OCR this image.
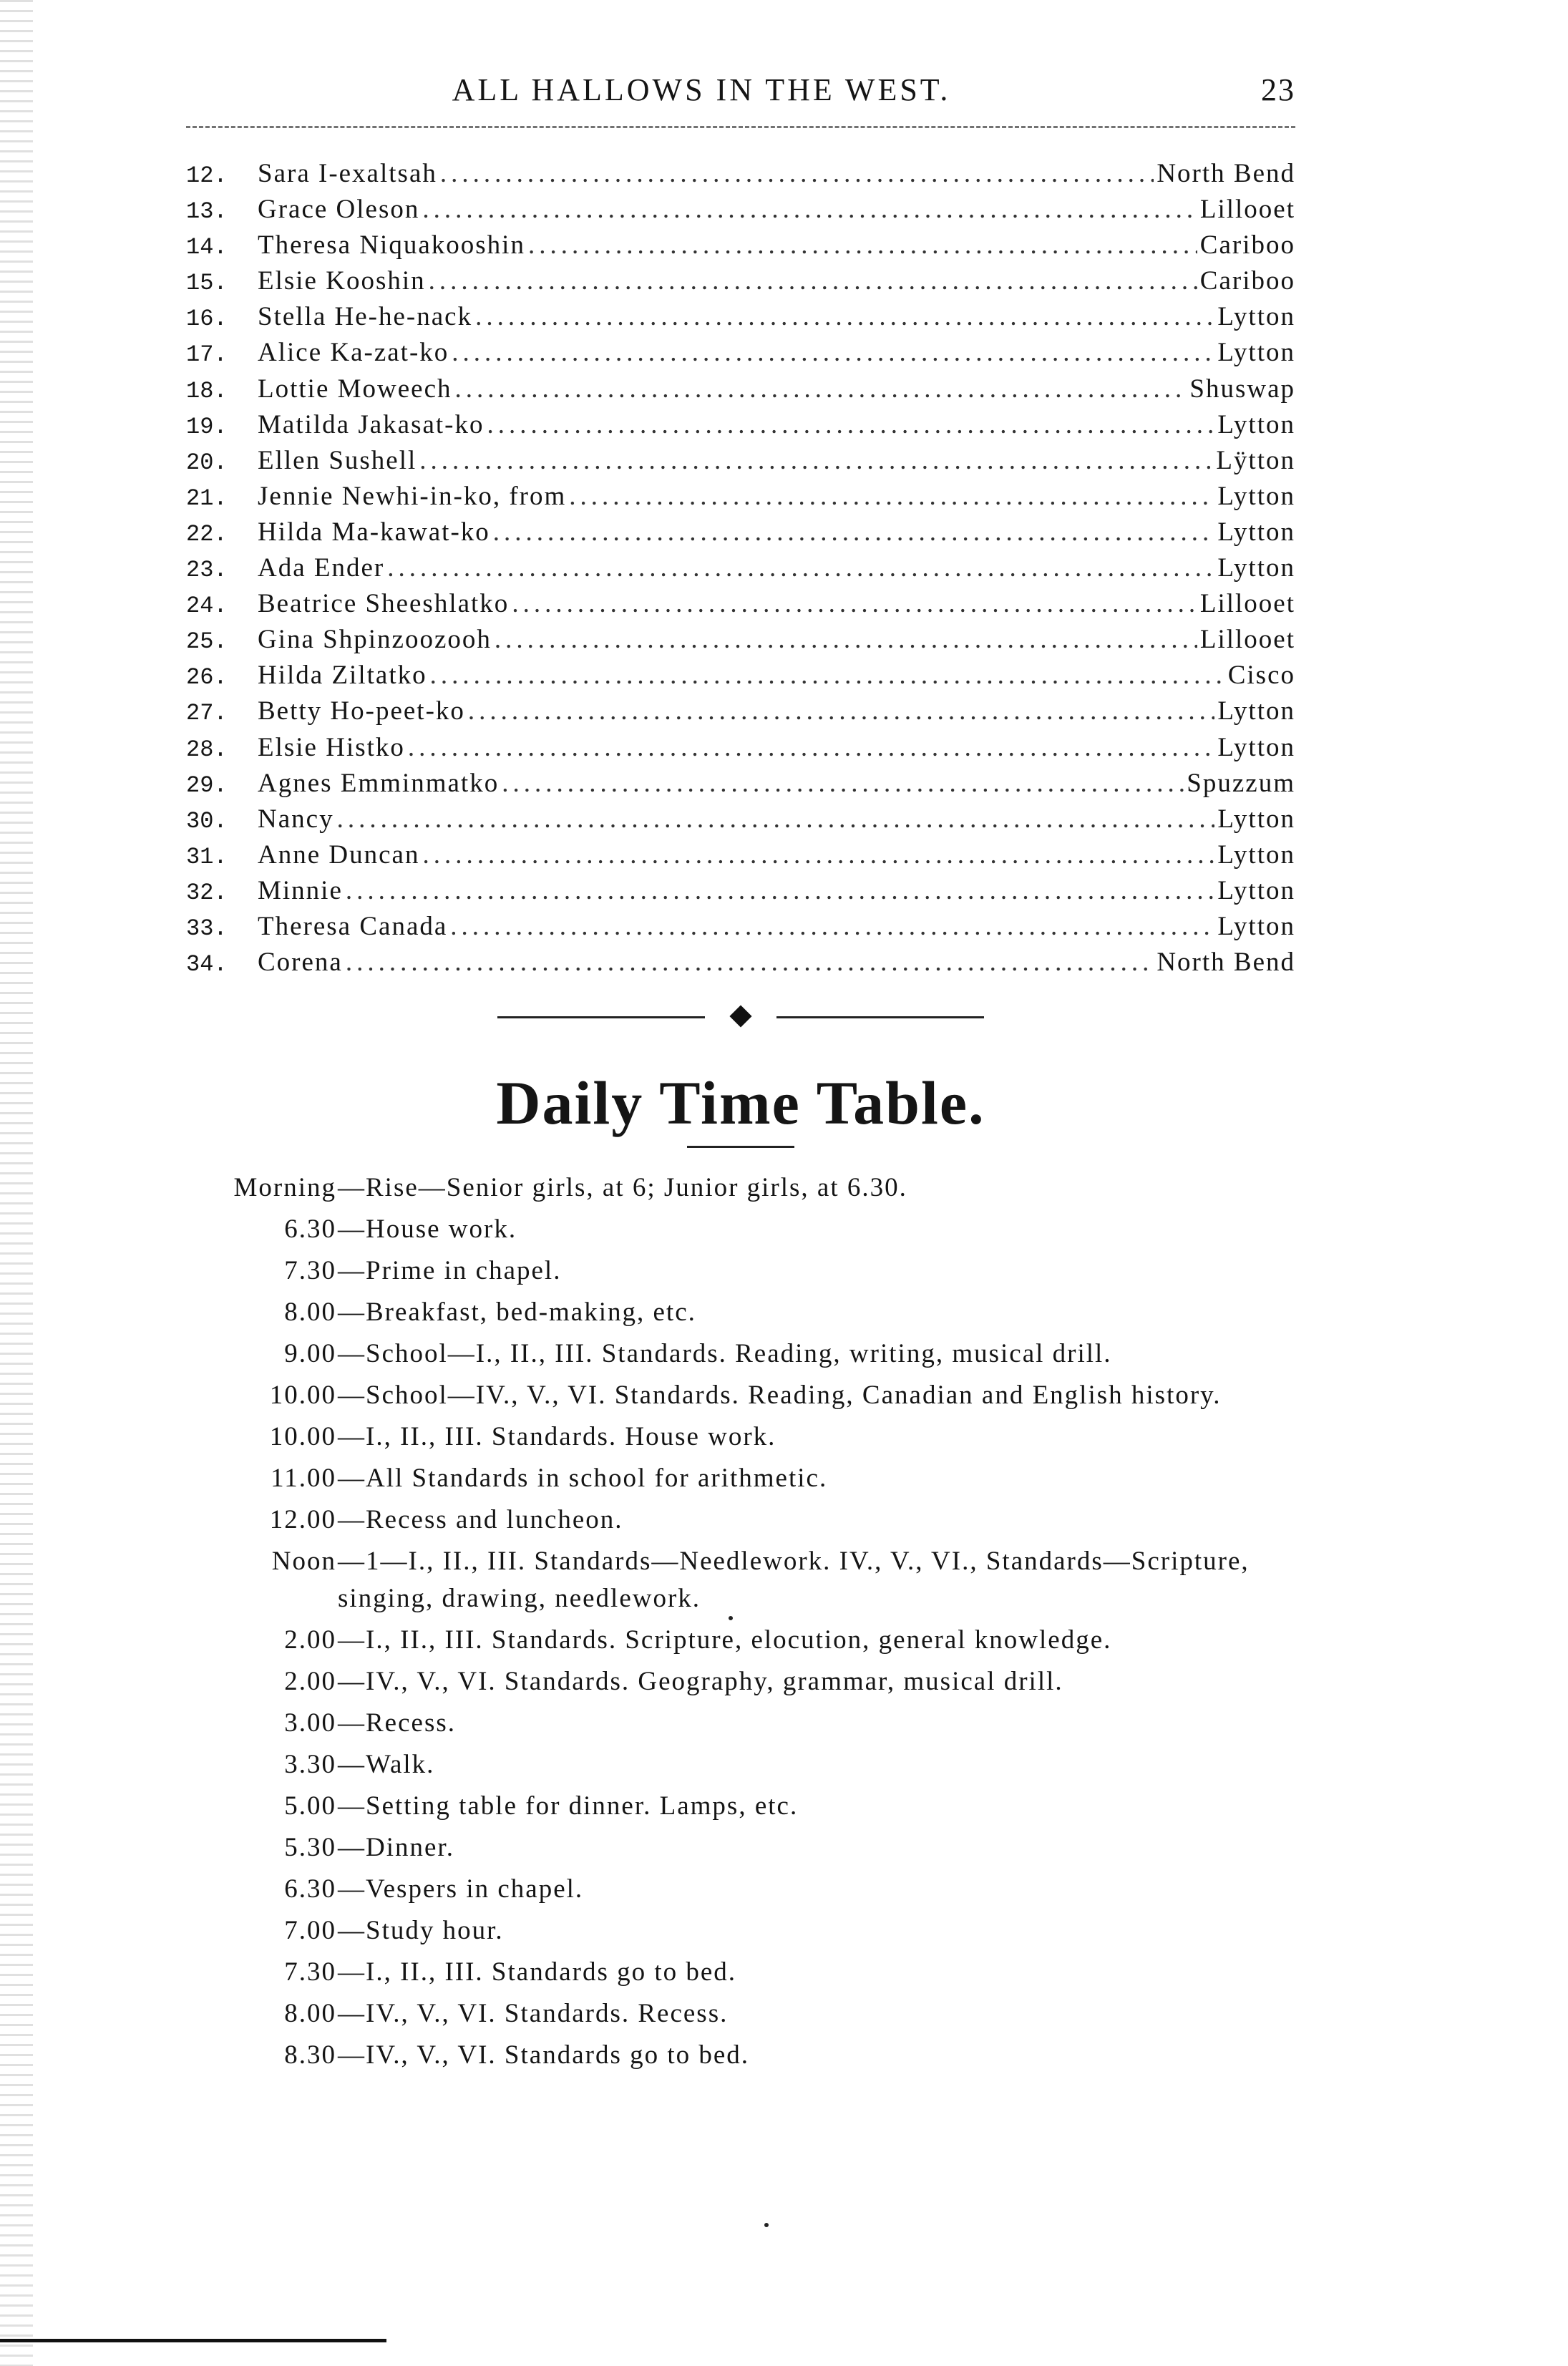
ALL HALLOWS IN THE WEST.	23
12.	Sara I-exaltsah .....	North Bend
13.	Grace Oleson .....	Lillooet
14.	Theresa Niquakooshin .....	Cariboo
15.	Elsie Kooshin .....	Cariboo
16.	Stella He-he-nack .....	Lytton
17.	Alice Ka-zat-ko .....	Lytton
18.	Lottie Moweech .....	Shuswap
19.	Matilda Jakasat-ko .....	Lytton
20.	Ellen Sushell .....	Lÿtton
21.	Jennie Newhi-in-ko, from .....	Lytton
22.	Hilda Ma-kawat-ko .....	Lytton
23.	Ada Ender .....	Lytton
24.	Beatrice Sheeshlatko .....	Lillooet
25.	Gina Shpinzoozooh .....	Lillooet
26.	Hilda Ziltatko .....	Cisco
27.	Betty Ho-peet-ko .....	Lytton
28.	Elsie Histko .....	Lytton
29.	Agnes Emminmatko .....	Spuzzum
30.	Nancy .....	Lytton
31.	Anne Duncan .....	Lytton
32.	Minnie .....	Lytton
33.	Theresa Canada .....	Lytton
34.	Corena .....	North Bend
Daily Time Table.
Morning —Rise—Senior girls, at 6; Junior girls, at 6.30.
6.30 —House work.
7.30 —Prime in chapel.
8.00 —Breakfast, bed-making, etc.
9.00 —School—I., II., III. Standards. Reading, writing, musical drill.
10.00 —School—IV., V., VI. Standards. Reading, Canadian and English history.
10.00 —I., II., III. Standards. House work.
11.00 —All Standards in school for arithmetic.
12.00 —Recess and luncheon.
Noon —1—I., II., III. Standards—Needlework. IV., V., VI., Standards—Scripture, singing, drawing, needlework.
2.00 —I., II., III. Standards. Scripture, elocution, general knowledge.
2.00 —IV., V., VI. Standards. Geography, grammar, musical drill.
3.00 —Recess.
3.30 —Walk.
5.00 —Setting table for dinner. Lamps, etc.
5.30 —Dinner.
6.30 —Vespers in chapel.
7.00 —Study hour.
7.30 —I., II., III. Standards go to bed.
8.00 —IV., V., VI. Standards. Recess.
8.30 —IV., V., VI. Standards go to bed.
